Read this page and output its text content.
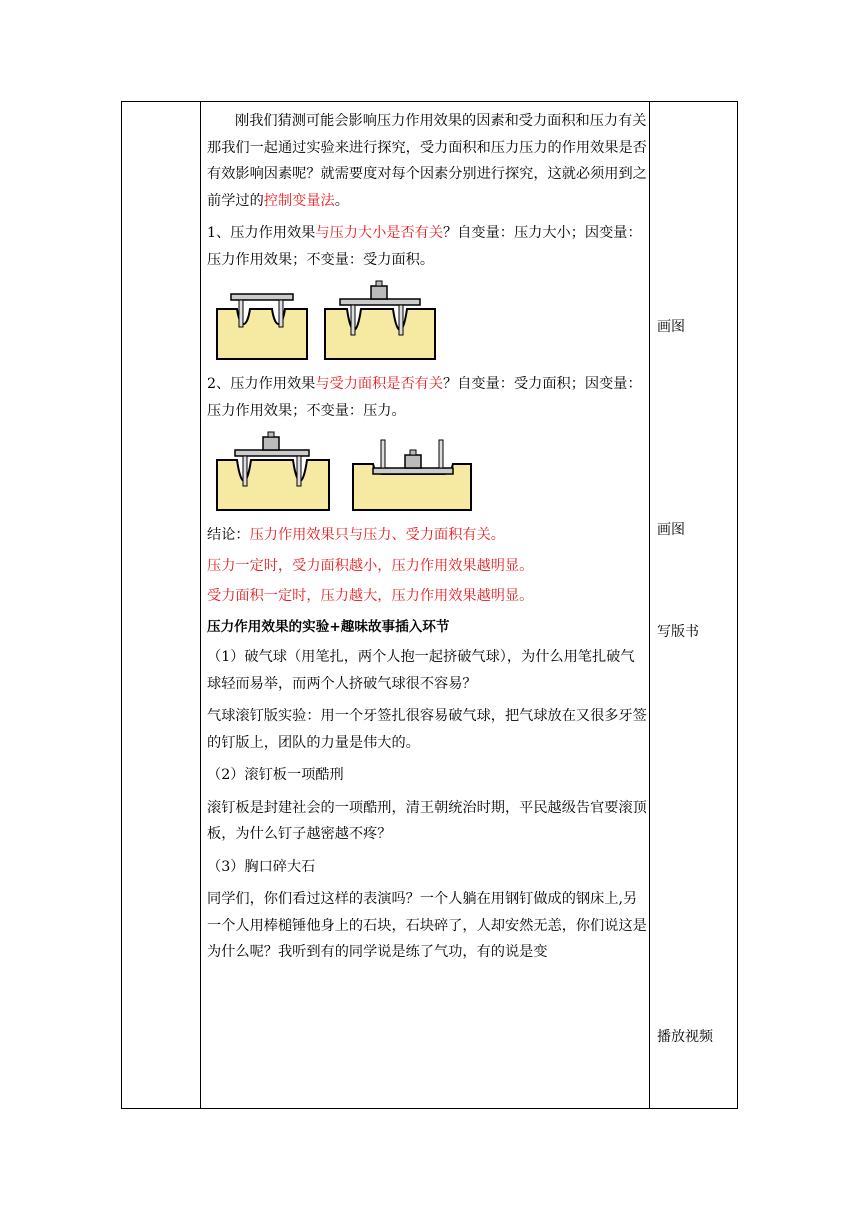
刚我们猜测可能会影响压力作用效果的因素和受力面积和压力有关那我们一起通过实验来进行探究，受力面积和压力压力的作用效果是否有效影响因素呢？就需要度对每个因素分别进行探究，这就必须用到之前学过的控制变量法。

1、压力作用效果与压力大小是否有关？自变量：压力大小；因变量：压力作用效果；不变量：受力面积。

2、压力作用效果与受力面积是否有关？自变量：受力面积；因变量：压力作用效果；不变量：压力。

结论：压力作用效果只与压力、受力面积有关。

压力一定时，受力面积越小，压力作用效果越明显。

受力面积一定时，压力越大，压力作用效果越明显。

压力作用效果的实验+趣味故事插入环节

（1）破气球（用笔扎，两个人抱一起挤破气球），为什么用笔扎破气球轻而易举，而两个人挤破气球很不容易？

气球滚钉版实验：用一个牙签扎很容易破气球，把气球放在又很多牙签的钉版上，团队的力量是伟大的。

（2）滚钉板一项酷刑

滚钉板是封建社会的一项酷刑，清王朝统治时期，平民越级告官要滚顶板，为什么钉子越密越不疼？

（3）胸口碎大石

同学们，你们看过这样的表演吗？一个人躺在用钢钉做成的钢床上,另一个人用棒槌锤他身上的石块，石块碎了，人却安然无恙，你们说这是为什么呢？我听到有的同学说是练了气功，有的说是变

画图
画图
写版书
播放视频
